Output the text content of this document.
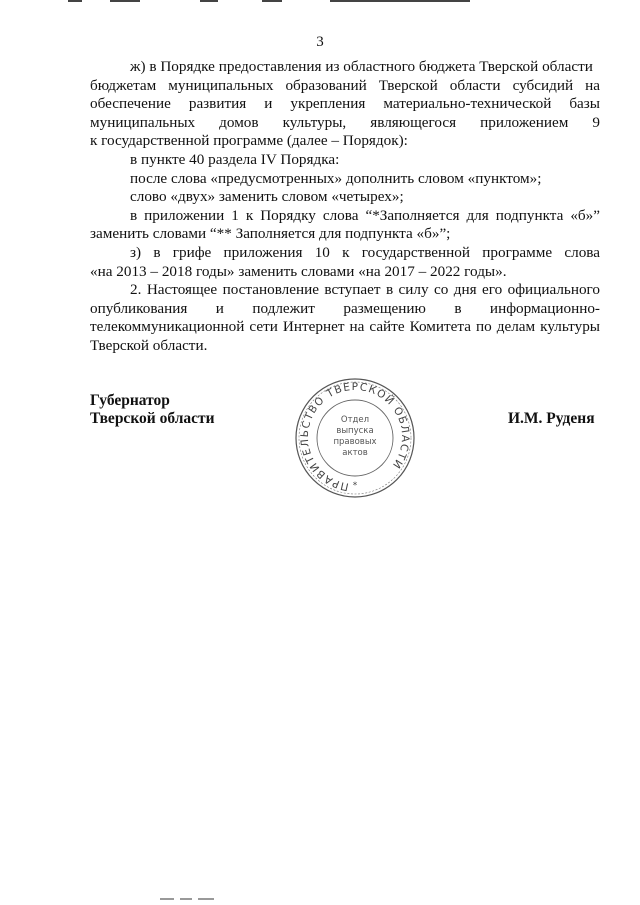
3

ж) в Порядке предоставления из областного бюджета Тверской области

бюджетам муниципальных образований Тверской области субсидий на

обеспечение развития и укрепления материально-технической базы

муниципальных домов культуры, являющегося приложением 9

к государственной программе (далее – Порядок):

в пункте 40 раздела IV Порядка:

после слова «предусмотренных» дополнить словом «пунктом»;

слово «двух» заменить словом «четырех»;

в приложении 1 к Порядку слова “*Заполняется для подпункта «б»”

заменить словами “** Заполняется для подпункта «б»”;

з) в грифе приложения 10 к государственной программе слова

«на 2013 – 2018 годы» заменить словами «на 2017 – 2022 годы».

2. Настоящее постановление вступает в силу со дня его официального

опубликования и подлежит размещению в информационно-

телекоммуникационной сети Интернет на сайте Комитета по делам культуры

Тверской области.

Губернатор
Тверской области
ПРАВИТЕЛЬСТВО ТВЕРСКОЙ ОБЛАСТИ
Отдел
выпуска
правовых
актов
*
И.М. Руденя
